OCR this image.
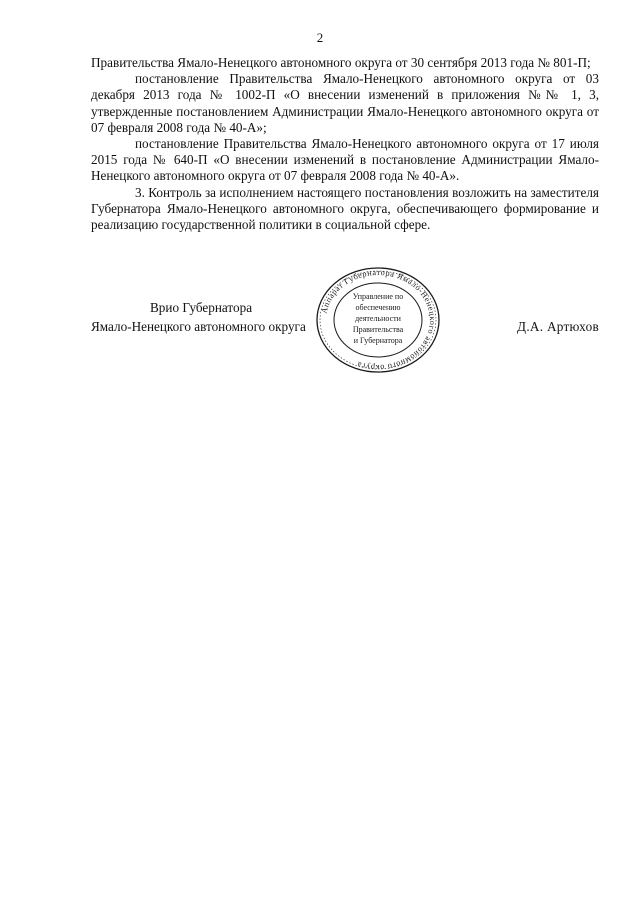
2

Правительства Ямало-Ненецкого автономного округа от 30 сентября 2013 года № 801-П;

постановление Правительства Ямало-Ненецкого автономного округа от 03 декабря 2013 года № 1002-П «О внесении изменений в приложения №№ 1, 3, утвержденные постановлением Администрации Ямало-Ненецкого автономного округа от 07 февраля 2008 года № 40-А»;

постановление Правительства Ямало-Ненецкого автономного округа от 17 июля 2015 года № 640-П «О внесении изменений в постановление Администрации Ямало-Ненецкого автономного округа от 07 февраля 2008 года № 40-А».

3. Контроль за исполнением настоящего постановления возложить на заместителя Губернатора Ямало-Ненецкого автономного округа, обеспечивающего формирование и реализацию государственной политики в социальной сфере.

Врио Губернатора
Ямало-Ненецкого автономного округа	Д.А. Артюхов
Аппарат Губернатора Ямало-Ненецкого автономного округа
Управление по
обеспечению
деятельности
Правительства
и Губернатора
